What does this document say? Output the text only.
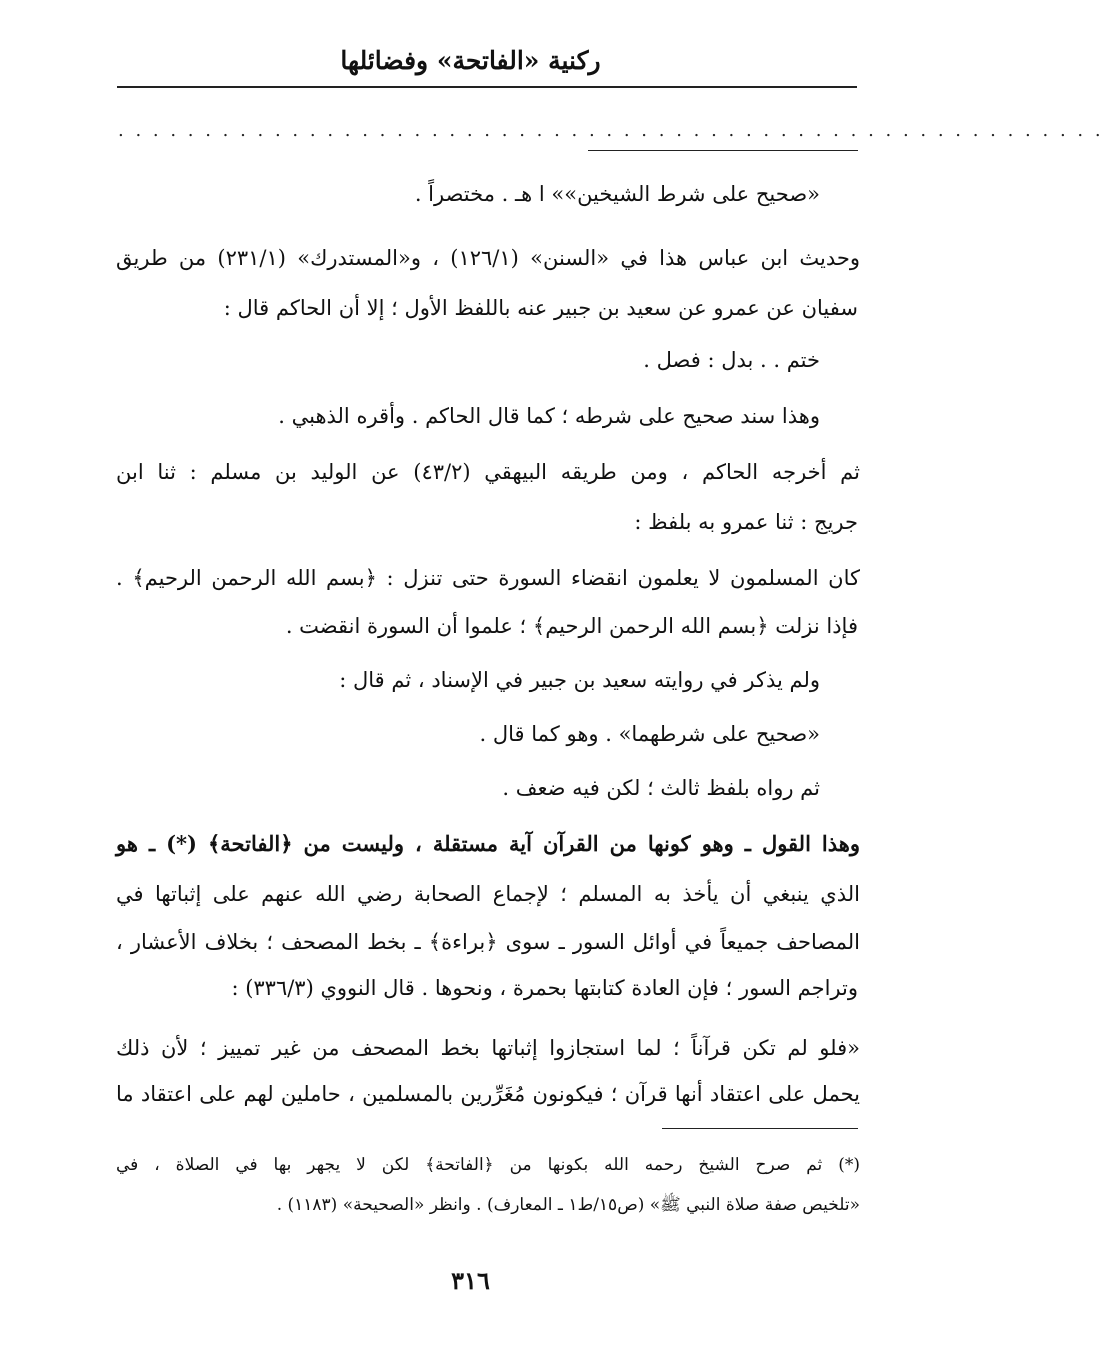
ركنية «الفاتحة» وفضائلها
. . . . . . . . . . . . . . . . . . . . . . . . . . . . . . . . . . . . . . . . . . . . . . . . . . . . . . . . .
«صحيح على شرط الشيخين»» ا هـ . مختصراً .
وحديث ابن عباس هذا في «السنن» (١٢٦/١) ، و«المستدرك» (٢٣١/١) من طريق
سفيان عن عمرو عن سعيد بن جبير عنه باللفظ الأول ؛ إلا أن الحاكم قال :
ختم . . بدل : فصل .
وهذا سند صحيح على شرطه ؛ كما قال الحاكم . وأقره الذهبي .
ثم أخرجه الحاكم ، ومن طريقه البيهقي (٤٣/٢) عن الوليد بن مسلم : ثنا ابن
جريج : ثنا عمرو به بلفظ :
كان المسلمون لا يعلمون انقضاء السورة حتى تنزل : ﴿بسم الله الرحمن الرحيم﴾ .
فإذا نزلت ﴿بسم الله الرحمن الرحيم﴾ ؛ علموا أن السورة انقضت .
ولم يذكر في روايته سعيد بن جبير في الإسناد ، ثم قال :
«صحيح على شرطهما» . وهو كما قال .
ثم رواه بلفظ ثالث ؛ لكن فيه ضعف .
وهذا القول ـ وهو كونها من القرآن آية مستقلة ، وليست من ﴿الفاتحة﴾ (*) ـ هو
الذي ينبغي أن يأخذ به المسلم ؛ لإجماع الصحابة رضي الله عنهم على إثباتها في
المصاحف جميعاً في أوائل السور ـ سوى ﴿براءة﴾ ـ بخط المصحف ؛ بخلاف الأعشار ،
وتراجم السور ؛ فإن العادة كتابتها بحمرة ، ونحوها . قال النووي (٣٣٦/٣) :
«فلو لم تكن قرآناً ؛ لما استجازوا إثباتها بخط المصحف من غير تمييز ؛ لأن ذلك
يحمل على اعتقاد أنها قرآن ؛ فيكونون مُغَرِّرين بالمسلمين ، حاملين لهم على اعتقاد ما
(*) ثم صرح الشيخ رحمه الله بكونها من ﴿الفاتحة﴾ لكن لا يجهر بها في الصلاة ، في
«تلخيص صفة صلاة النبي ﷺ» (ص١٥/ط١ ـ المعارف) . وانظر «الصحيحة» (١١٨٣) .
٣١٦
